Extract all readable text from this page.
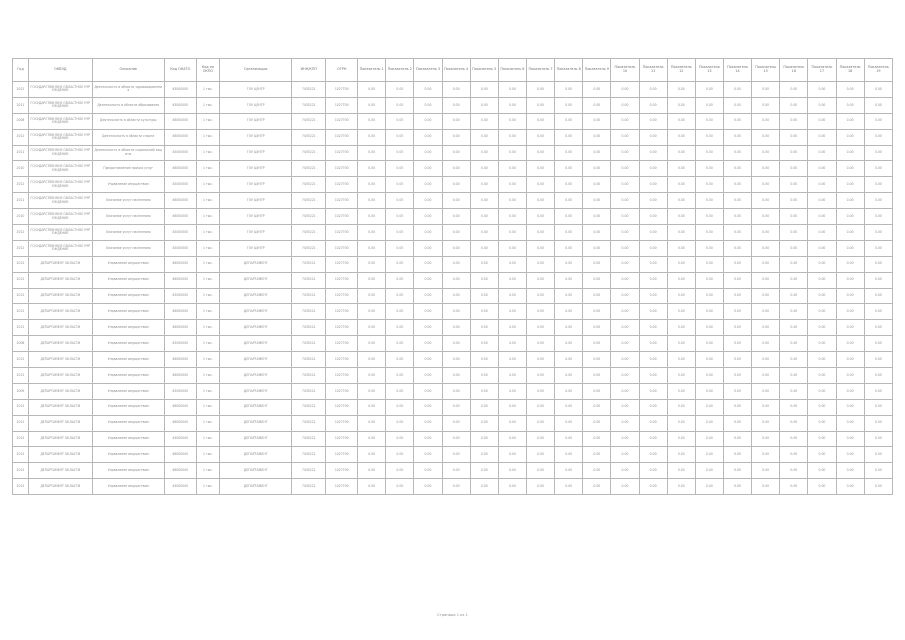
Год	ОКВЭД	Описание	Код ОКАТО	Код по ОКПО	Организация	ИНН/КПП	ОГРН	Показатель 1	Показатель 2	Показатель 3	Показатель 4	Показатель 5	Показатель 6	Показатель 7	Показатель 8	Показатель 9	Показатель 10	Показатель 11	Показатель 12	Показатель 13	Показатель 14	Показатель 15	Показатель 16	Показатель 17	Показатель 18	Показатель 19
2012	ГОСУДАРСТВЕННОЕ ОБЛАСТНОЕ УЧРЕЖДЕНИЕ	Деятельность в области здравоохранения	45000000	1 тыс.	ГОУ ЦЕНТР	7435221	1027700	0.00	0.00	0.00	0.00	0.00	0.00	0.00	0.00	0.00	0.00	0.00	0.00	0.00	0.00	0.00	0.00	0.00	0.00	0.00
2011	ГОСУДАРСТВЕННОЕ ОБЛАСТНОЕ УЧРЕЖДЕНИЕ	Деятельность в области образования	45000000	1 тыс.	ГОУ ЦЕНТР	7435221	1027700	0.00	0.00	0.00	0.00	0.00	0.00	0.00	0.00	0.00	0.00	0.00	0.00	0.00	0.00	0.00	0.00	0.00	0.00	0.00
2008	ГОСУДАРСТВЕННОЕ ОБЛАСТНОЕ УЧРЕЖДЕНИЕ	Деятельность в области культуры	46000000	1 тыс.	ГОУ ЦЕНТР	7435221	1027700	0.00	0.00	0.00	0.00	0.00	0.00	0.00	0.00	0.00	0.00	0.00	0.00	0.00	0.00	0.00	0.00	0.00	0.00	0.00
2012	ГОСУДАРСТВЕННОЕ ОБЛАСТНОЕ УЧРЕЖДЕНИЕ	Деятельность в области спорта	46000000	1 тыс.	ГОУ ЦЕНТР	7435221	1027700	0.00	0.00	0.00	0.00	0.00	0.00	0.00	0.00	0.00	0.00	0.00	0.00	0.00	0.00	0.00	0.00	0.00	0.00	0.00
2011	ГОСУДАРСТВЕННОЕ ОБЛАСТНОЕ УЧРЕЖДЕНИЕ	Деятельность в области социальной защиты	45000000	1 тыс.	ГОУ ЦЕНТР	7435221	1027700	0.00	0.00	0.00	0.00	0.00	0.00	0.00	0.00	0.00	0.00	0.00	0.00	0.00	0.00	0.00	0.00	0.00	0.00	0.00
2010	ГОСУДАРСТВЕННОЕ ОБЛАСТНОЕ УЧРЕЖДЕНИЕ	Предоставление прочих услуг	46000000	1 тыс.	ГОУ ЦЕНТР	7435221	1027700	0.00	0.00	0.00	0.00	0.00	0.00	0.00	0.00	0.00	0.00	0.00	0.00	0.00	0.00	0.00	0.00	0.00	0.00	0.00
2012	ГОСУДАРСТВЕННОЕ ОБЛАСТНОЕ УЧРЕЖДЕНИЕ	Управление имуществом	45000000	1 тыс.	ГОУ ЦЕНТР	7435221	1027700	0.00	0.00	0.00	0.00	0.00	0.00	0.00	0.00	0.00	0.00	0.00	0.00	0.00	0.00	0.00	0.00	0.00	0.00	0.00
2011	ГОСУДАРСТВЕННОЕ ОБЛАСТНОЕ УЧРЕЖДЕНИЕ	Оказание услуг населению	46000000	1 тыс.	ГОУ ЦЕНТР	7435221	1027700	0.00	0.00	0.00	0.00	0.00	0.00	0.00	0.00	0.00	0.00	0.00	0.00	0.00	0.00	0.00	0.00	0.00	0.00	0.00
2010	ГОСУДАРСТВЕННОЕ ОБЛАСТНОЕ УЧРЕЖДЕНИЕ	Оказание услуг населению	46000000	1 тыс.	ГОУ ЦЕНТР	7435221	1027700	0.00	0.00	0.00	0.00	0.00	0.00	0.00	0.00	0.00	0.00	0.00	0.00	0.00	0.00	0.00	0.00	0.00	0.00	0.00
2012	ГОСУДАРСТВЕННОЕ ОБЛАСТНОЕ УЧРЕЖДЕНИЕ	Оказание услуг населению	45000000	1 тыс.	ГОУ ЦЕНТР	7435221	1027700	0.00	0.00	0.00	0.00	0.00	0.00	0.00	0.00	0.00	0.00	0.00	0.00	0.00	0.00	0.00	0.00	0.00	0.00	0.00
2012	ГОСУДАРСТВЕННОЕ ОБЛАСТНОЕ УЧРЕЖДЕНИЕ	Оказание услуг населению	45000000	1 тыс.	ГОУ ЦЕНТР	7435221	1027700	0.00	0.00	0.00	0.00	0.00	0.00	0.00	0.00	0.00	0.00	0.00	0.00	0.00	0.00	0.00	0.00	0.00	0.00	0.00
2012	ДЕПАРТАМЕНТ ОБЛАСТИ	Управление имуществом	46000000	1 тыс.	ДЕПАРТАМЕНТ	7435221	1027700	0.00	0.00	0.00	0.00	0.00	0.00	0.00	0.00	0.00	0.00	0.00	0.00	0.00	0.00	0.00	0.00	0.00	0.00	0.00
2012	ДЕПАРТАМЕНТ ОБЛАСТИ	Управление имуществом	46000000	1 тыс.	ДЕПАРТАМЕНТ	7435221	1027700	0.00	0.00	0.00	0.00	0.00	0.00	0.00	0.00	0.00	0.00	0.00	0.00	0.00	0.00	0.00	0.00	0.00	0.00	0.00
2012	ДЕПАРТАМЕНТ ОБЛАСТИ	Управление имуществом	45000000	1 тыс.	ДЕПАРТАМЕНТ	7435221	1027700	0.00	0.00	0.00	0.00	0.00	0.00	0.00	0.00	0.00	0.00	0.00	0.00	0.00	0.00	0.00	0.00	0.00	0.00	0.00
2012	ДЕПАРТАМЕНТ ОБЛАСТИ	Управление имуществом	46000000	1 тыс.	ДЕПАРТАМЕНТ	7435221	1027700	0.00	0.00	0.00	0.00	0.00	0.00	0.00	0.00	0.00	0.00	0.00	0.00	0.00	0.00	0.00	0.00	0.00	0.00	0.00
2011	ДЕПАРТАМЕНТ ОБЛАСТИ	Управление имуществом	46000000	1 тыс.	ДЕПАРТАМЕНТ	7435221	1027700	0.00	0.00	0.00	0.00	0.00	0.00	0.00	0.00	0.00	0.00	0.00	0.00	0.00	0.00	0.00	0.00	0.00	0.00	0.00
2008	ДЕПАРТАМЕНТ ОБЛАСТИ	Управление имуществом	45000000	1 тыс.	ДЕПАРТАМЕНТ	7435221	1027700	0.00	0.00	0.00	0.00	0.00	0.00	0.00	0.00	0.00	0.00	0.00	0.00	0.00	0.00	0.00	0.00	0.00	0.00	0.00
2012	ДЕПАРТАМЕНТ ОБЛАСТИ	Управление имуществом	46000000	1 тыс.	ДЕПАРТАМЕНТ	7435221	1027700	0.00	0.00	0.00	0.00	0.00	0.00	0.00	0.00	0.00	0.00	0.00	0.00	0.00	0.00	0.00	0.00	0.00	0.00	0.00
2011	ДЕПАРТАМЕНТ ОБЛАСТИ	Управление имуществом	46000000	1 тыс.	ДЕПАРТАМЕНТ	7435221	1027700	0.00	0.00	0.00	0.00	0.00	0.00	0.00	0.00	0.00	0.00	0.00	0.00	0.00	0.00	0.00	0.00	0.00	0.00	0.00
2009	ДЕПАРТАМЕНТ ОБЛАСТИ	Управление имуществом	45000000	1 тыс.	ДЕПАРТАМЕНТ	7435221	1027700	0.00	0.00	0.00	0.00	0.00	0.00	0.00	0.00	0.00	0.00	0.00	0.00	0.00	0.00	0.00	0.00	0.00	0.00	0.00
2012	ДЕПАРТАМЕНТ ОБЛАСТИ	Управление имуществом	46000000	1 тыс.	ДЕПАРТАМЕНТ	7435221	1027700	0.00	0.00	0.00	0.00	0.00	0.00	0.00	0.00	0.00	0.00	0.00	0.00	0.00	0.00	0.00	0.00	0.00	0.00	0.00
2011	ДЕПАРТАМЕНТ ОБЛАСТИ	Управление имуществом	46000000	1 тыс.	ДЕПАРТАМЕНТ	7435221	1027700	0.00	0.00	0.00	0.00	0.00	0.00	0.00	0.00	0.00	0.00	0.00	0.00	0.00	0.00	0.00	0.00	0.00	0.00	0.00
2012	ДЕПАРТАМЕНТ ОБЛАСТИ	Управление имуществом	45000000	1 тыс.	ДЕПАРТАМЕНТ	7435221	1027700	0.00	0.00	0.00	0.00	0.00	0.00	0.00	0.00	0.00	0.00	0.00	0.00	0.00	0.00	0.00	0.00	0.00	0.00	0.00
2012	ДЕПАРТАМЕНТ ОБЛАСТИ	Управление имуществом	46000000	1 тыс.	ДЕПАРТАМЕНТ	7435221	1027700	0.00	0.00	0.00	0.00	0.00	0.00	0.00	0.00	0.00	0.00	0.00	0.00	0.00	0.00	0.00	0.00	0.00	0.00	0.00
2012	ДЕПАРТАМЕНТ ОБЛАСТИ	Управление имуществом	46000000	1 тыс.	ДЕПАРТАМЕНТ	7435221	1027700	0.00	0.00	0.00	0.00	0.00	0.00	0.00	0.00	0.00	0.00	0.00	0.00	0.00	0.00	0.00	0.00	0.00	0.00	0.00
2012	ДЕПАРТАМЕНТ ОБЛАСТИ	Управление имуществом	45000000	1 тыс.	ДЕПАРТАМЕНТ	7435221	1027700	0.00	0.00	0.00	0.00	0.00	0.00	0.00	0.00	0.00	0.00	0.00	0.00	0.00	0.00	0.00	0.00	0.00	0.00	0.00
Страница 1 из 1
